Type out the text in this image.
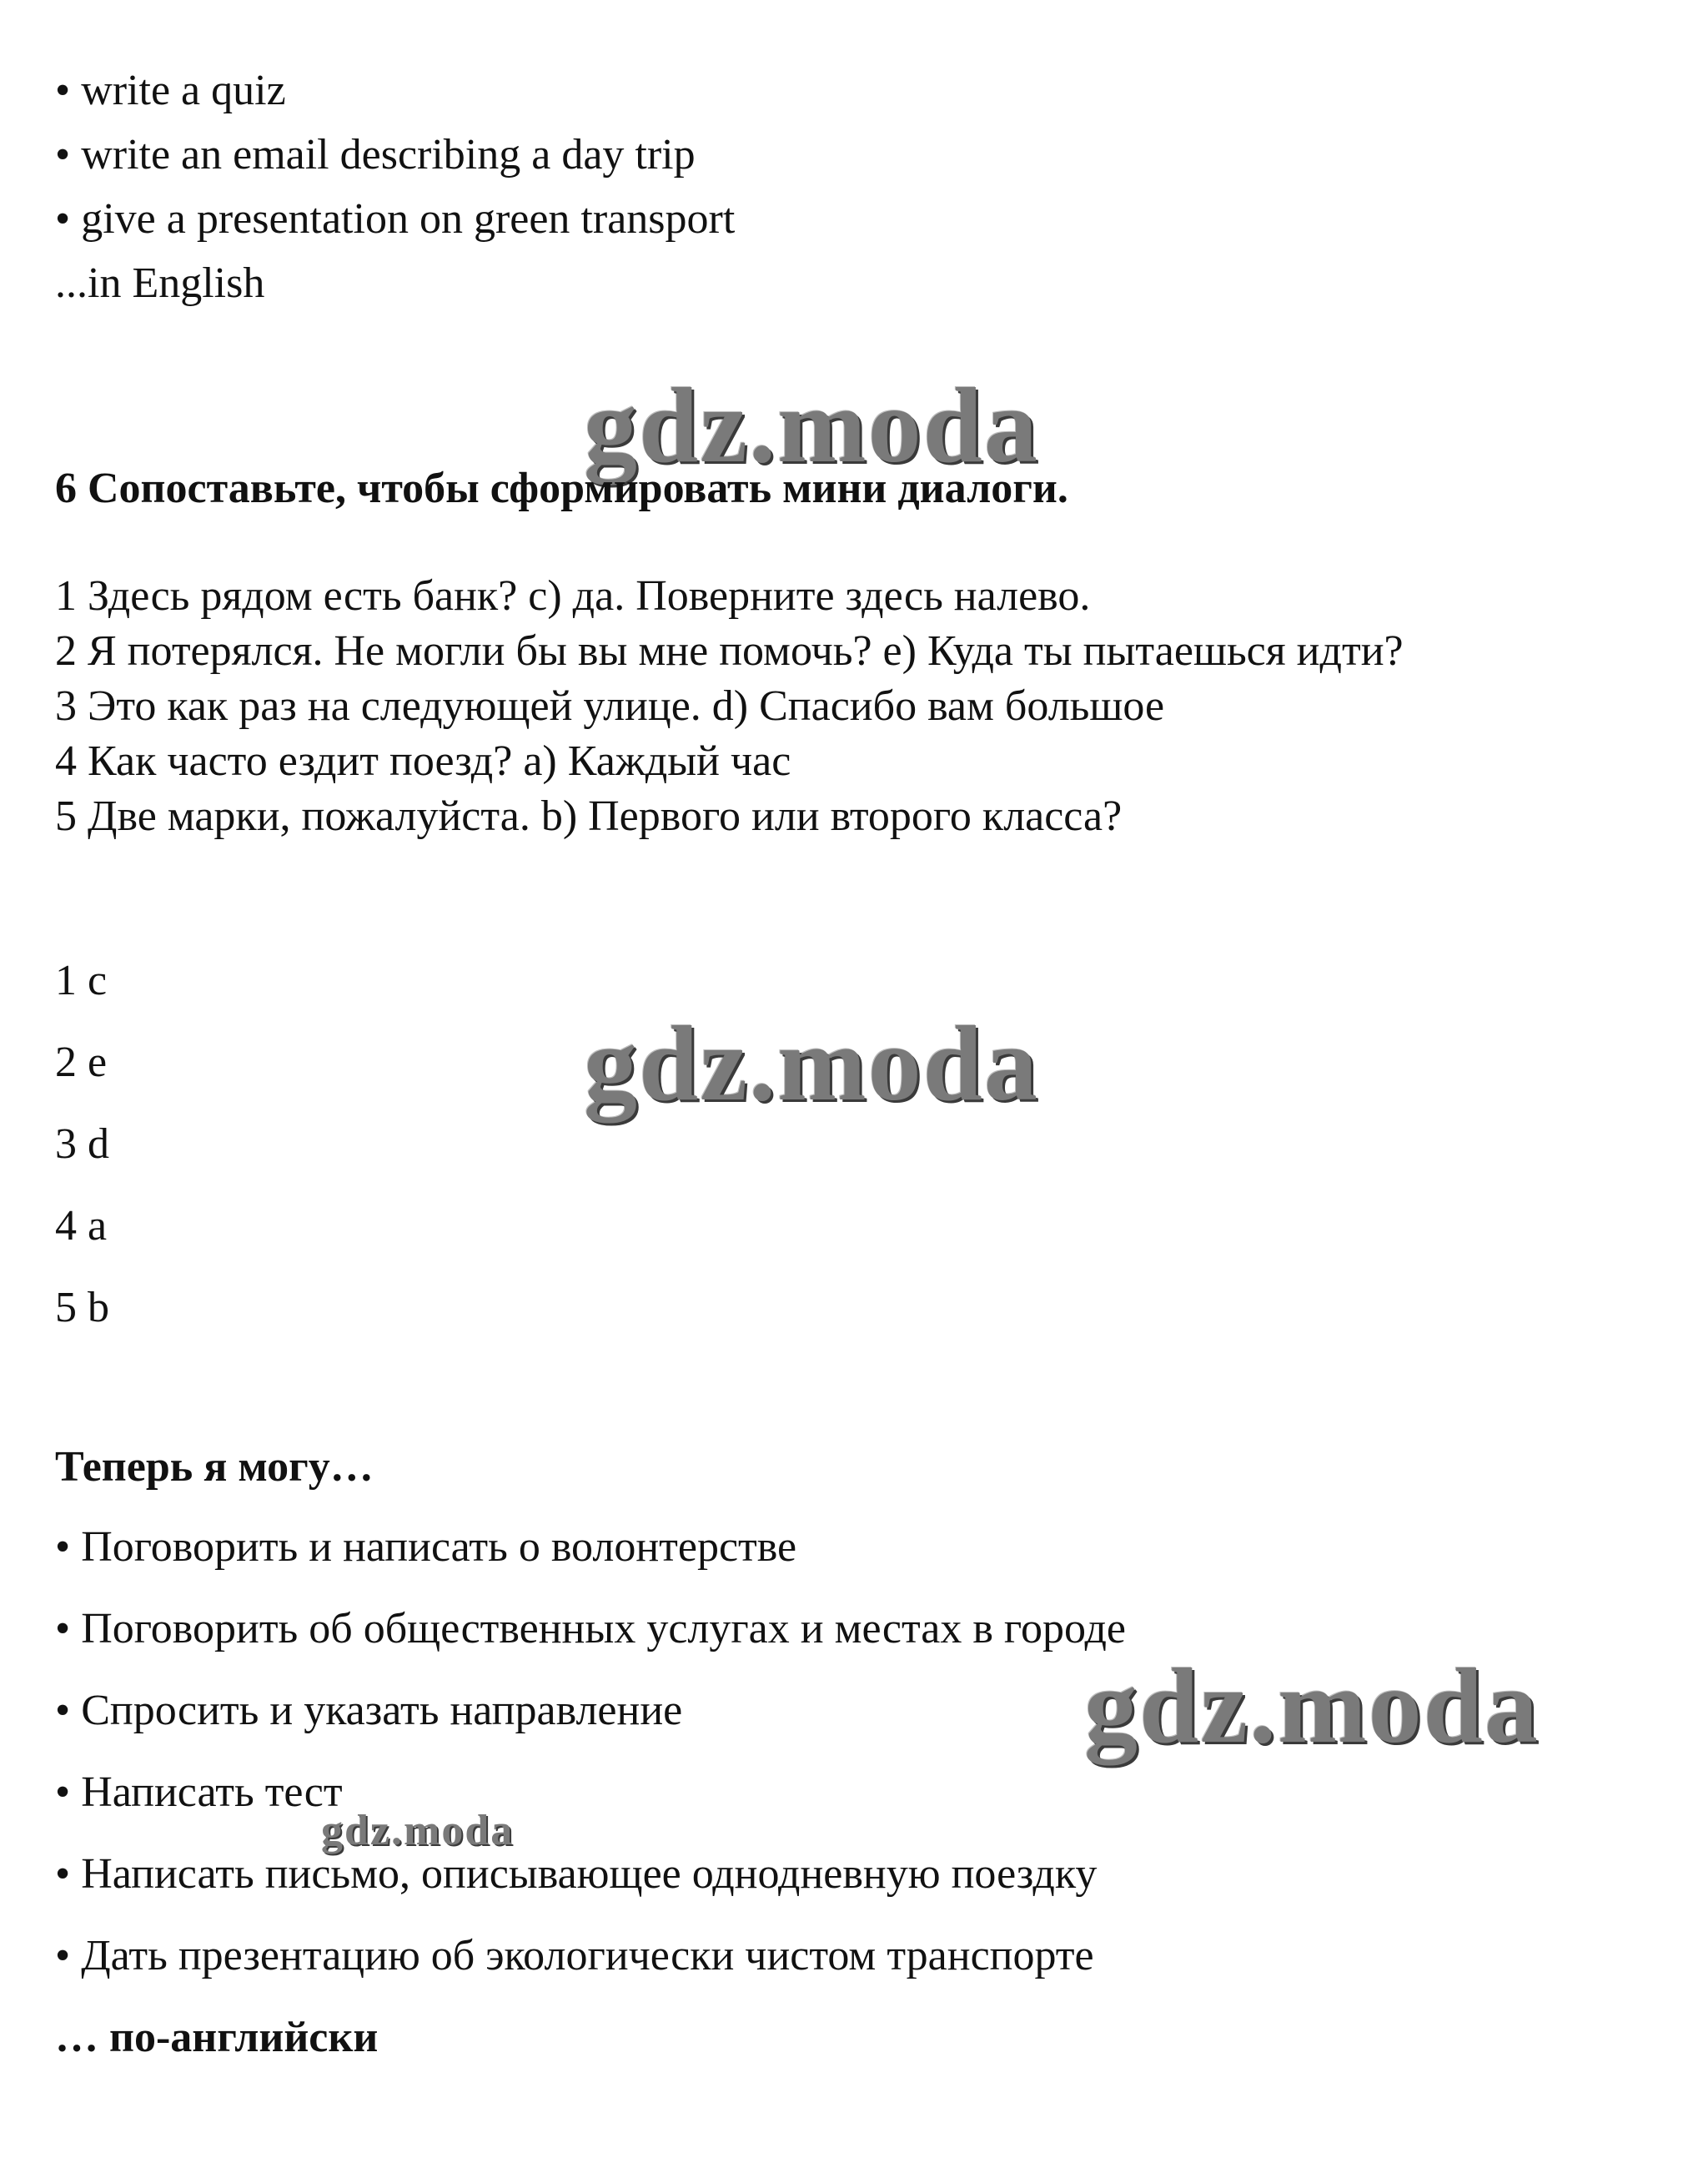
• write a quiz
• write an email describing a day trip
• give a presentation on green transport
...in English
gdz.moda
6 Сопоставьте, чтобы сформировать мини диалоги.
1 Здесь рядом есть банк? c) да. Поверните здесь налево.
2 Я потерялся. Не могли бы вы мне помочь? e) Куда ты пытаешься идти?
3 Это как раз на следующей улице. d) Спасибо вам большое
4 Как часто ездит поезд? a) Каждый час
5 Две марки, пожалуйста. b) Первого или второго класса?
1 c
2 e
3 d
4 a
5 b
gdz.moda
Теперь я могу…
• Поговорить и написать о волонтерстве
• Поговорить об общественных услугах и местах в городе
• Спросить и указать направление
• Написать тест
• Написать письмо, описывающее однодневную поездку
• Дать презентацию об экологически чистом транспорте
… по-английски
gdz.moda
gdz.moda
